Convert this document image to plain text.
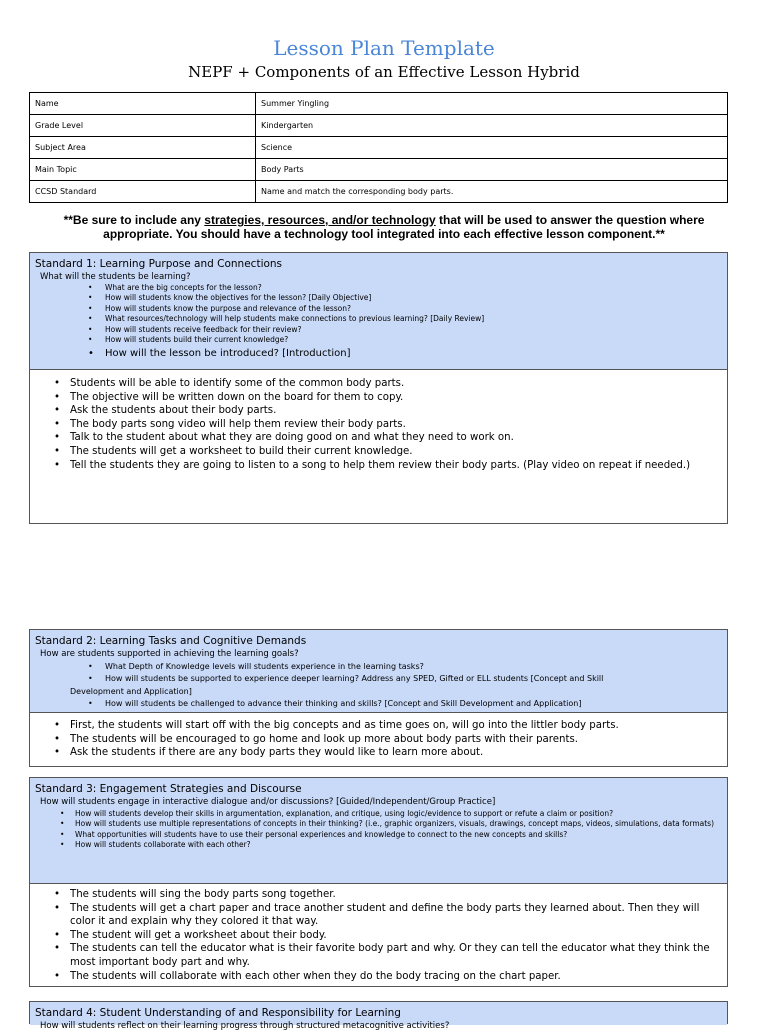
Lesson Plan Template
NEPF + Components of an Effective Lesson Hybrid
Name	Summer Yingling
Grade Level	Kindergarten
Subject Area	Science
Main Topic	Body Parts
CCSD Standard	Name and match the corresponding body parts.
**Be sure to include any strategies, resources, and/or technology that will be used to answer the question where appropriate. You should have a technology tool integrated into each effective lesson component.**
Standard 1: Learning Purpose and Connections
What will the students be learning?
• What are the big concepts for the lesson?
• How will students know the objectives for the lesson? [Daily Objective]
• How will students know the purpose and relevance of the lesson?
• What resources/technology will help students make connections to previous learning? [Daily Review]
• How will students receive feedback for their review?
• How will students build their current knowledge?
• How will the lesson be introduced? [Introduction]
• Students will be able to identify some of the common body parts.
• The objective will be written down on the board for them to copy.
• Ask the students about their body parts.
• The body parts song video will help them review their body parts.
• Talk to the student about what they are doing good on and what they need to work on.
• The students will get a worksheet to build their current knowledge.
• Tell the students they are going to listen to a song to help them review their body parts. (Play video on repeat if needed.)
Standard 2: Learning Tasks and Cognitive Demands
How are students supported in achieving the learning goals?
• What Depth of Knowledge levels will students experience in the learning tasks?
• How will students be supported to experience deeper learning? Address any SPED, Gifted or ELL students [Concept and Skill
Development and Application]
• How will students be challenged to advance their thinking and skills? [Concept and Skill Development and Application]
• First, the students will start off with the big concepts and as time goes on, will go into the littler body parts.
• The students will be encouraged to go home and look up more about body parts with their parents.
• Ask the students if there are any body parts they would like to learn more about.
Standard 3: Engagement Strategies and Discourse
How will students engage in interactive dialogue and/or discussions? [Guided/Independent/Group Practice]
• How will students develop their skills in argumentation, explanation, and critique, using logic/evidence to support or refute a claim or position?
• How will students use multiple representations of concepts in their thinking? (i.e., graphic organizers, visuals, drawings, concept maps, videos, simulations, data formats)
• What opportunities will students have to use their personal experiences and knowledge to connect to the new concepts and skills?
• How will students collaborate with each other?
• The students will sing the body parts song together.
• The students will get a chart paper and trace another student and define the body parts they learned about. Then they will color it and explain why they colored it that way.
• The student will get a worksheet about their body.
• The students can tell the educator what is their favorite body part and why. Or they can tell the educator what they think the most important body part and why.
• The students will collaborate with each other when they do the body tracing on the chart paper.
Standard 4: Student Understanding of and Responsibility for Learning
How will students reflect on their learning progress through structured metacognitive activities?
